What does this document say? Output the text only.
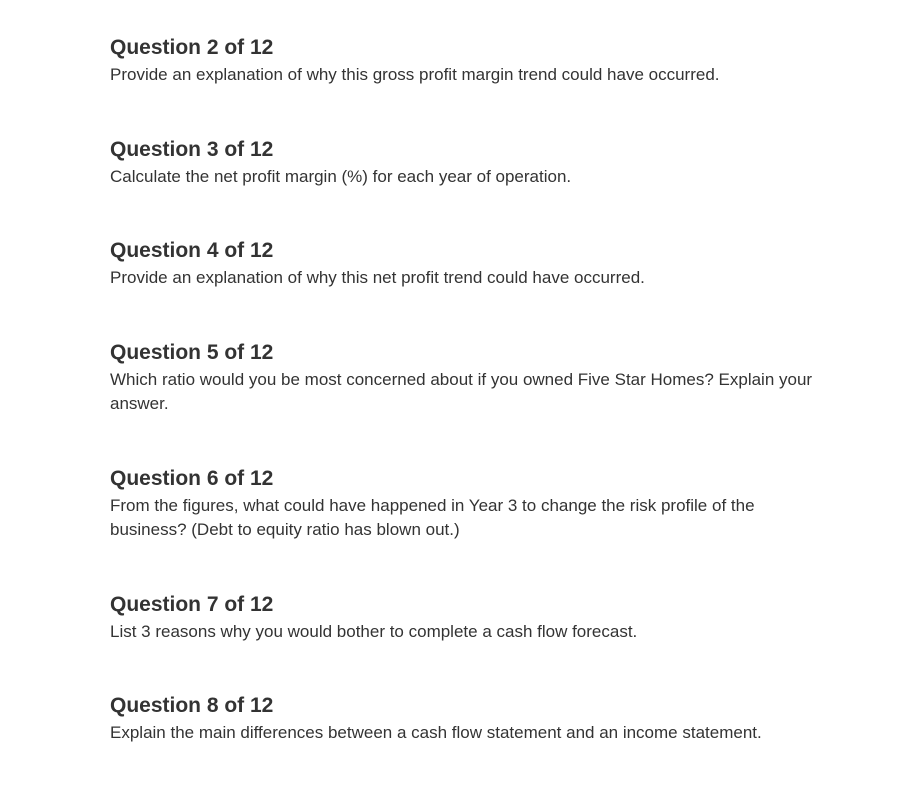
Question 2 of 12

Provide an explanation of why this gross profit margin trend could have occurred.

Question 3 of 12

Calculate the net profit margin (%) for each year of operation.

Question 4 of 12

Provide an explanation of why this net profit trend could have occurred.

Question 5 of 12

Which ratio would you be most concerned about if you owned Five Star Homes? Explain your answer.

Question 6 of 12

From the figures, what could have happened in Year 3 to change the risk profile of the business? (Debt to equity ratio has blown out.)

Question 7 of 12

List 3 reasons why you would bother to complete a cash flow forecast.

Question 8 of 12

Explain the main differences between a cash flow statement and an income statement.
